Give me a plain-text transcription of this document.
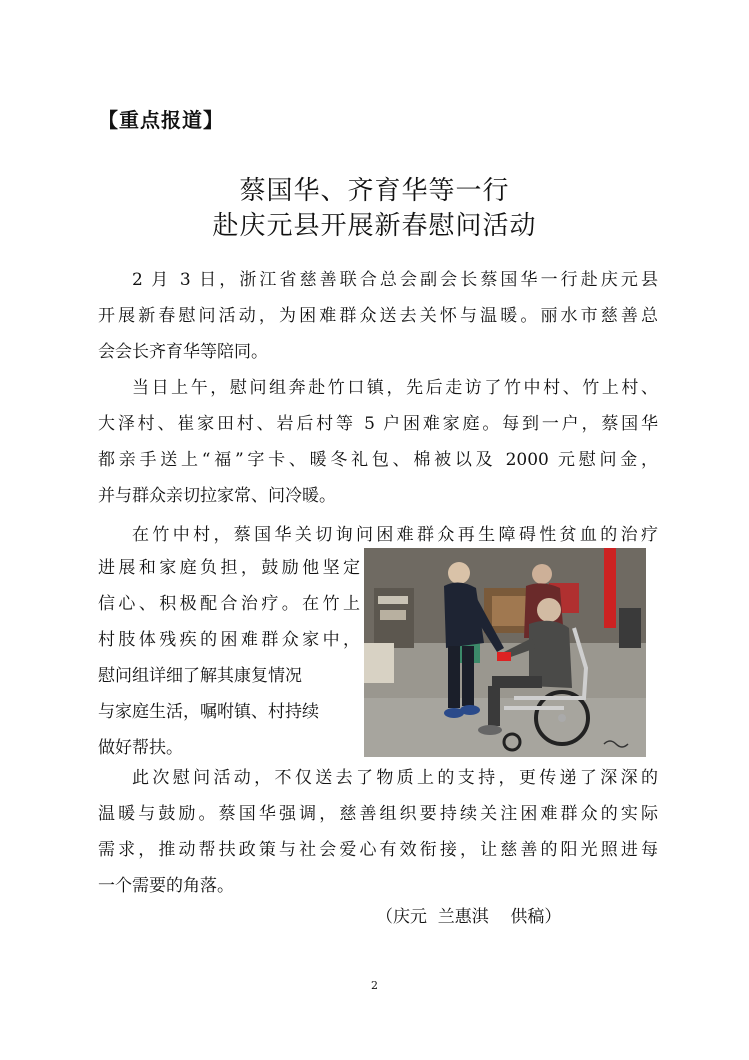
【重点报道】
蔡国华、齐育华等一行
赴庆元县开展新春慰问活动
2 月 3 日，浙江省慈善联合总会副会长蔡国华一行赴庆元县
开展新春慰问活动，为困难群众送去关怀与温暖。丽水市慈善总
会会长齐育华等陪同。
当日上午，慰问组奔赴竹口镇，先后走访了竹中村、竹上村、
大泽村、崔家田村、岩后村等 5 户困难家庭。每到一户，蔡国华
都亲手送上“福”字卡、暖冬礼包、棉被以及 2000 元慰问金，
并与群众亲切拉家常、问冷暖。
在竹中村，蔡国华关切询问困难群众再生障碍性贫血的治疗
进展和家庭负担，鼓励他坚定
信心、积极配合治疗。在竹上
村肢体残疾的困难群众家中，
慰问组详细了解其康复情况
与家庭生活，嘱咐镇、村持续
做好帮扶。
此次慰问活动，不仅送去了物质上的支持，更传递了深深的
温暖与鼓励。蔡国华强调，慈善组织要持续关注困难群众的实际
需求，推动帮扶政策与社会爱心有效衔接，让慈善的阳光照进每
一个需要的角落。
（庆元  兰惠淇    供稿）
2
